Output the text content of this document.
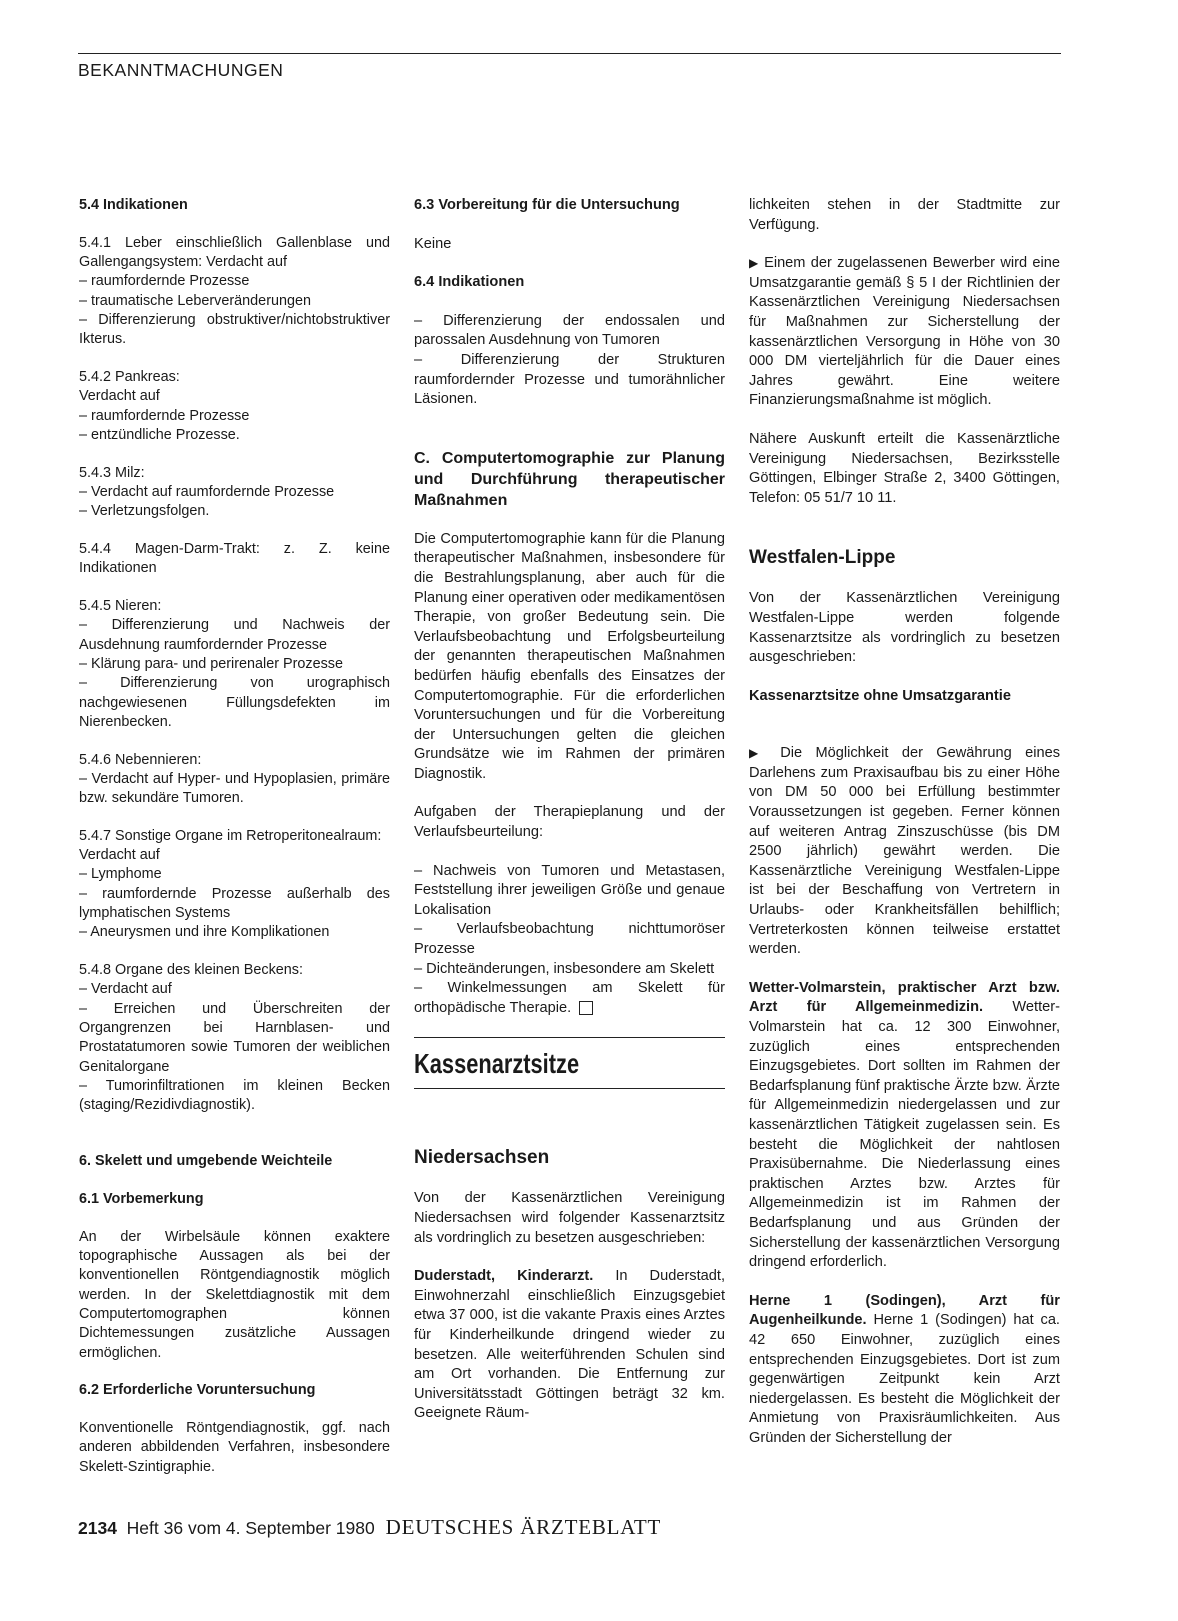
BEKANNTMACHUNGEN

5.4 Indikationen

5.4.1 Leber einschließlich Gallenblase und Gallengangsystem: Verdacht auf

– raumfordernde Prozesse

– traumatische Leberveränderungen

– Differenzierung obstruktiver/nichtobstruktiver Ikterus.

5.4.2 Pankreas:

Verdacht auf

– raumfordernde Prozesse

– entzündliche Prozesse.

5.4.3 Milz:

– Verdacht auf raumfordernde Prozesse

– Verletzungsfolgen.

5.4.4 Magen-Darm-Trakt: z. Z. keine Indikationen

5.4.5 Nieren:

– Differenzierung und Nachweis der Ausdehnung raumfordernder Prozesse

– Klärung para- und perirenaler Prozesse

– Differenzierung von urographisch nachgewiesenen Füllungsdefekten im Nierenbecken.

5.4.6 Nebennieren:

– Verdacht auf Hyper- und Hypoplasien, primäre bzw. sekundäre Tumoren.

5.4.7 Sonstige Organe im Retroperitonealraum:

Verdacht auf

– Lymphome

– raumfordernde Prozesse außerhalb des lymphatischen Systems

– Aneurysmen und ihre Komplikationen

5.4.8 Organe des kleinen Beckens:

– Verdacht auf

– Erreichen und Überschreiten der Organgrenzen bei Harnblasen- und Prostatatumoren sowie Tumoren der weiblichen Genitalorgane

– Tumorinfiltrationen im kleinen Becken (staging/Rezidivdiagnostik).

6. Skelett und umgebende Weichteile

6.1 Vorbemerkung

An der Wirbelsäule können exaktere topographische Aussagen als bei der konventionellen Röntgendiagnostik möglich werden. In der Skelettdiagnostik mit dem Computertomographen können Dichtemessungen zusätzliche Aussagen ermöglichen.

6.2 Erforderliche Voruntersuchung

Konventionelle Röntgendiagnostik, ggf. nach anderen abbildenden Verfahren, insbesondere Skelett-Szintigraphie.

6.3 Vorbereitung für die Untersuchung

Keine

6.4 Indikationen

– Differenzierung der endossalen und parossalen Ausdehnung von Tumoren

– Differenzierung der Strukturen raumfordernder Prozesse und tumorähnlicher Läsionen.

C. Computertomographie zur Planung und Durchführung therapeutischer Maßnahmen

Die Computertomographie kann für die Planung therapeutischer Maßnahmen, insbesondere für die Bestrahlungsplanung, aber auch für die Planung einer operativen oder medikamentösen Therapie, von großer Bedeutung sein. Die Verlaufsbeobachtung und Erfolgsbeurteilung der genannten therapeutischen Maßnahmen bedürfen häufig ebenfalls des Einsatzes der Computertomographie. Für die erforderlichen Voruntersuchungen und für die Vorbereitung der Untersuchungen gelten die gleichen Grundsätze wie im Rahmen der primären Diagnostik.

Aufgaben der Therapieplanung und der Verlaufsbeurteilung:

– Nachweis von Tumoren und Metastasen, Feststellung ihrer jeweiligen Größe und genaue Lokalisation

– Verlaufsbeobachtung nichttumoröser Prozesse

– Dichteänderungen, insbesondere am Skelett

– Winkelmessungen am Skelett für orthopädische Therapie.

Kassenarztsitze

Niedersachsen

Von der Kassenärztlichen Vereinigung Niedersachsen wird folgender Kassenarztsitz als vordringlich zu besetzen ausgeschrieben:

Duderstadt, Kinderarzt. In Duderstadt, Einwohnerzahl einschließlich Einzugsgebiet etwa 37 000, ist die vakante Praxis eines Arztes für Kinderheilkunde dringend wieder zu besetzen. Alle weiterführenden Schulen sind am Ort vorhanden. Die Entfernung zur Universitätsstadt Göttingen beträgt 32 km. Geeignete Räum-

lichkeiten stehen in der Stadtmitte zur Verfügung.

▶ Einem der zugelassenen Bewerber wird eine Umsatzgarantie gemäß § 5 I der Richtlinien der Kassenärztlichen Vereinigung Niedersachsen für Maßnahmen zur Sicherstellung der kassenärztlichen Versorgung in Höhe von 30 000 DM vierteljährlich für die Dauer eines Jahres gewährt. Eine weitere Finanzierungsmaßnahme ist möglich.

Nähere Auskunft erteilt die Kassenärztliche Vereinigung Niedersachsen, Bezirksstelle Göttingen, Elbinger Straße 2, 3400 Göttingen, Telefon: 05 51/7 10 11.

Westfalen-Lippe

Von der Kassenärztlichen Vereinigung Westfalen-Lippe werden folgende Kassenarztsitze als vordringlich zu besetzen ausgeschrieben:

Kassenarztsitze ohne Umsatzgarantie

▶ Die Möglichkeit der Gewährung eines Darlehens zum Praxisaufbau bis zu einer Höhe von DM 50 000 bei Erfüllung bestimmter Voraussetzungen ist gegeben. Ferner können auf weiteren Antrag Zinszuschüsse (bis DM 2500 jährlich) gewährt werden. Die Kassenärztliche Vereinigung Westfalen-Lippe ist bei der Beschaffung von Vertretern in Urlaubs- oder Krankheitsfällen behilflich; Vertreterkosten können teilweise erstattet werden.

Wetter-Volmarstein, praktischer Arzt bzw. Arzt für Allgemeinmedizin. Wetter-Volmarstein hat ca. 12 300 Einwohner, zuzüglich eines entsprechenden Einzugsgebietes. Dort sollten im Rahmen der Bedarfsplanung fünf praktische Ärzte bzw. Ärzte für Allgemeinmedizin niedergelassen und zur kassenärztlichen Tätigkeit zugelassen sein. Es besteht die Möglichkeit der nahtlosen Praxisübernahme. Die Niederlassung eines praktischen Arztes bzw. Arztes für Allgemeinmedizin ist im Rahmen der Bedarfsplanung und aus Gründen der Sicherstellung der kassenärztlichen Versorgung dringend erforderlich.

Herne 1 (Sodingen), Arzt für Augenheilkunde. Herne 1 (Sodingen) hat ca. 42 650 Einwohner, zuzüglich eines entsprechenden Einzugsgebietes. Dort ist zum gegenwärtigen Zeitpunkt kein Arzt niedergelassen. Es besteht die Möglichkeit der Anmietung von Praxisräumlichkeiten. Aus Gründen der Sicherstellung der

2134 Heft 36 vom 4. September 1980 DEUTSCHES ÄRZTEBLATT
